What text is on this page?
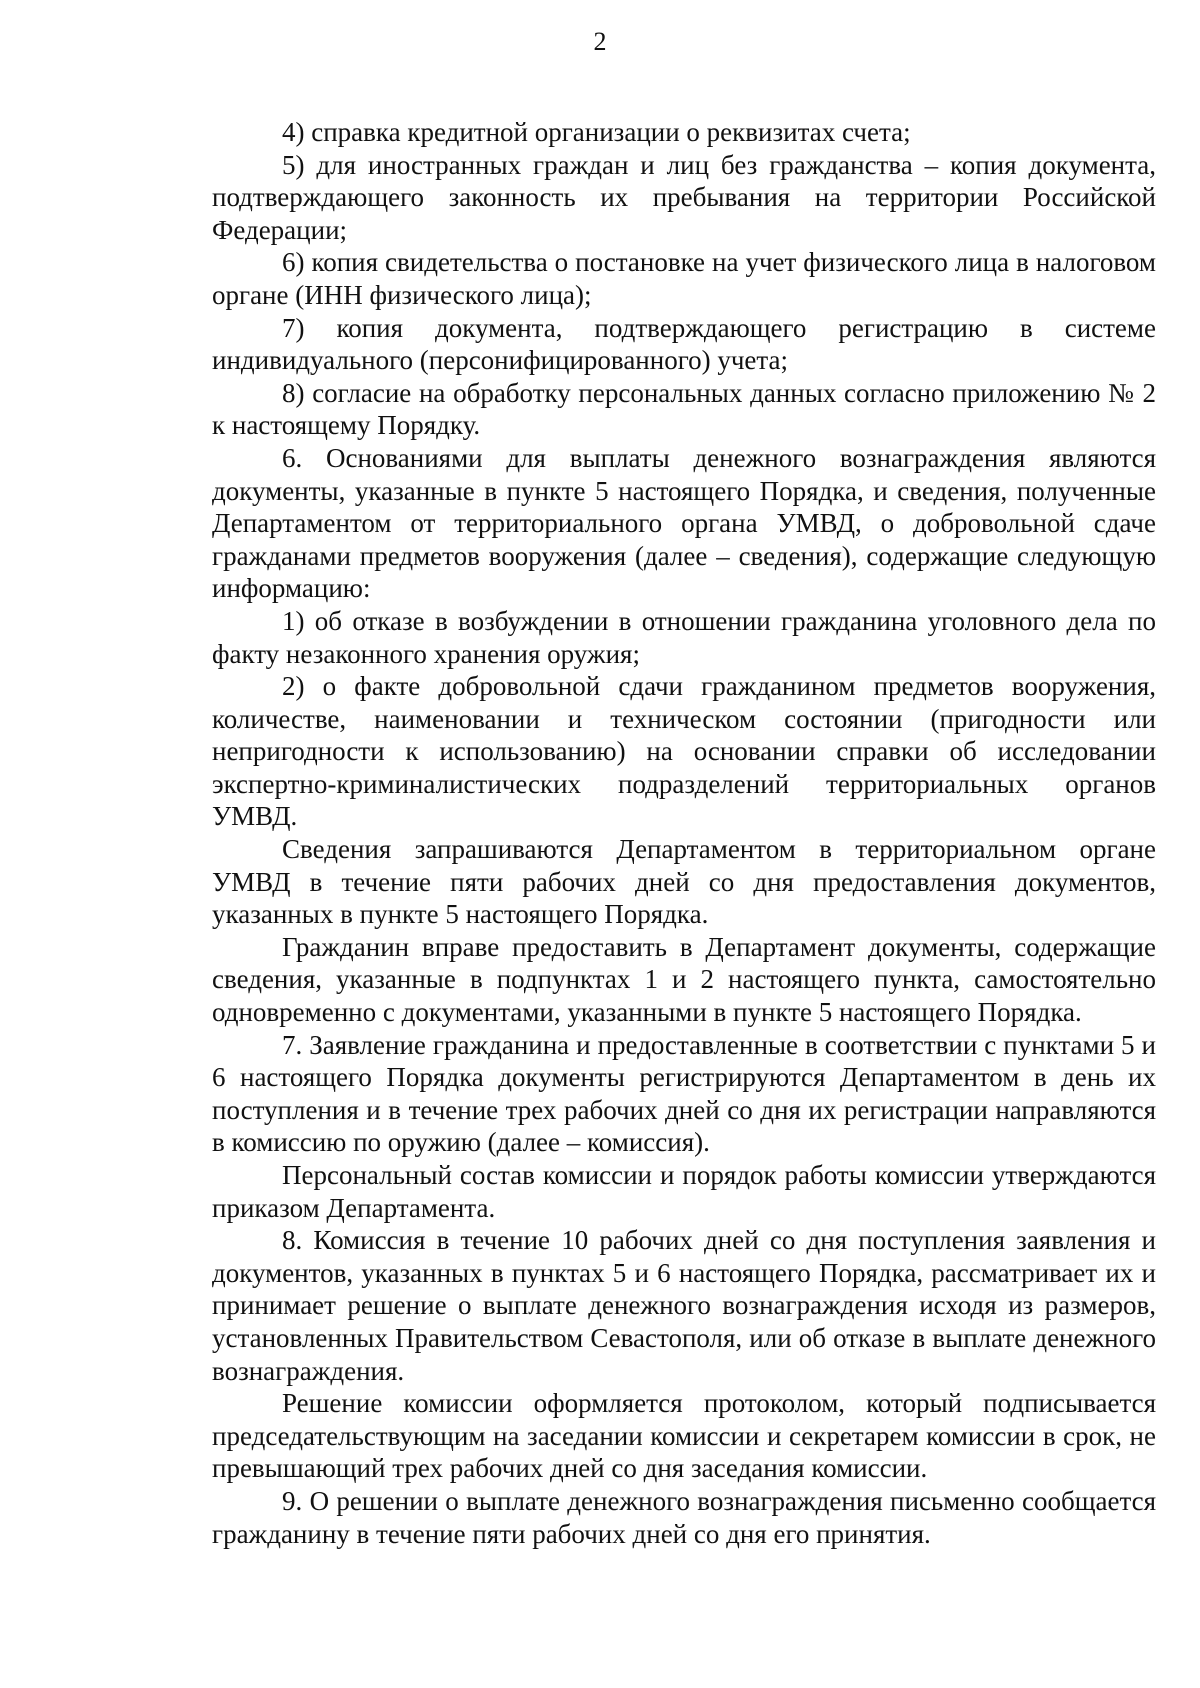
2

4) справка кредитной организации о реквизитах счета;

5) для иностранных граждан и лиц без гражданства – копия документа, подтверждающего законность их пребывания на территории Российской Федерации;

6) копия свидетельства о постановке на учет физического лица в налоговом органе (ИНН физического лица);

7) копия документа, подтверждающего регистрацию в системе индивидуального (персонифицированного) учета;

8) согласие на обработку персональных данных согласно приложению № 2 к настоящему Порядку.

6. Основаниями для выплаты денежного вознаграждения являются документы, указанные в пункте 5 настоящего Порядка, и сведения, полученные Департаментом от территориального органа УМВД, о добровольной сдаче гражданами предметов вооружения (далее – сведения), содержащие следующую информацию:

1) об отказе в возбуждении в отношении гражданина уголовного дела по факту незаконного хранения оружия;

2) о факте добровольной сдачи гражданином предметов вооружения, количестве, наименовании и техническом состоянии (пригодности или непригодности к использованию) на основании справки об исследовании экспертно-криминалистических подразделений территориальных органов УМВД.

Сведения запрашиваются Департаментом в территориальном органе УМВД в течение пяти рабочих дней со дня предоставления документов, указанных в пункте 5 настоящего Порядка.

Гражданин вправе предоставить в Департамент документы, содержащие сведения, указанные в подпунктах 1 и 2 настоящего пункта, самостоятельно одновременно с документами, указанными в пункте 5 настоящего Порядка.

7. Заявление гражданина и предоставленные в соответствии с пунктами 5 и 6 настоящего Порядка документы регистрируются Департаментом в день их поступления и в течение трех рабочих дней со дня их регистрации направляются в комиссию по оружию (далее – комиссия).

Персональный состав комиссии и порядок работы комиссии утверждаются приказом Департамента.

8. Комиссия в течение 10 рабочих дней со дня поступления заявления и документов, указанных в пунктах 5 и 6 настоящего Порядка, рассматривает их и принимает решение о выплате денежного вознаграждения исходя из размеров, установленных Правительством Севастополя, или об отказе в выплате денежного вознаграждения.

Решение комиссии оформляется протоколом, который подписывается председательствующим на заседании комиссии и секретарем комиссии в срок, не превышающий трех рабочих дней со дня заседания комиссии.

9. О решении о выплате денежного вознаграждения письменно сообщается гражданину в течение пяти рабочих дней со дня его принятия.
